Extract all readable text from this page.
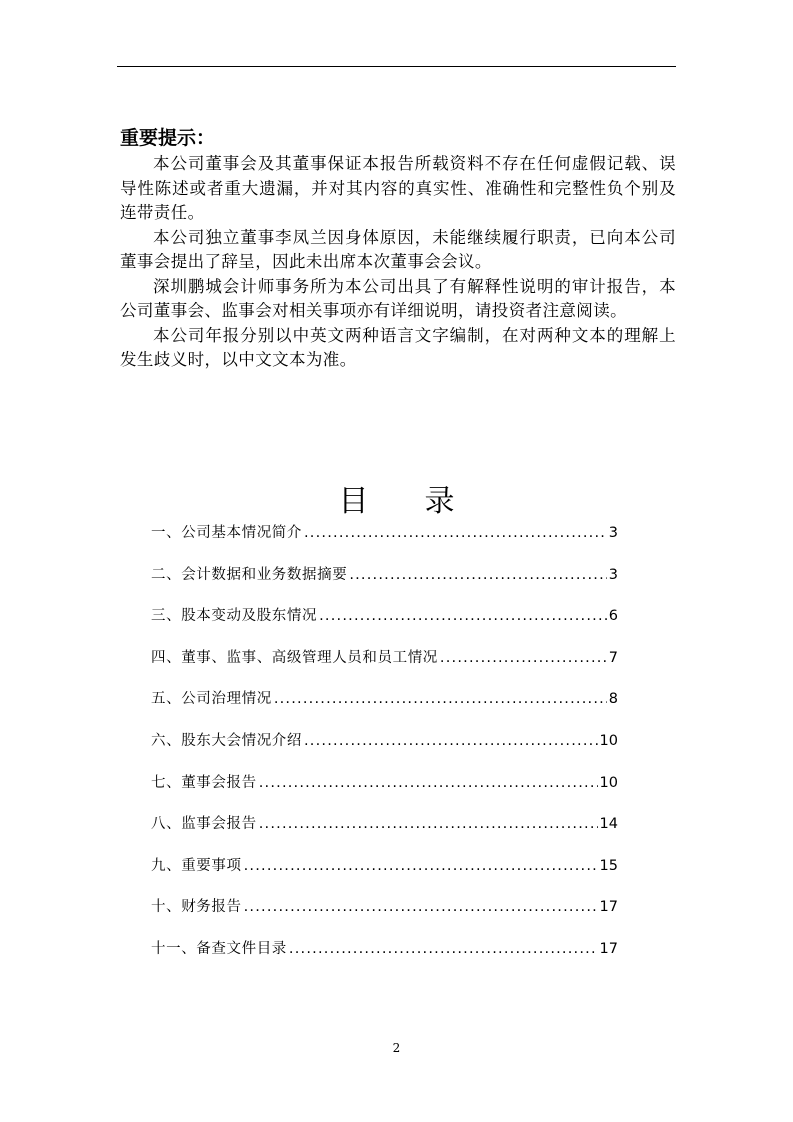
重要提示：

本公司董事会及其董事保证本报告所载资料不存在任何虚假记载、误导性陈述或者重大遗漏，并对其内容的真实性、准确性和完整性负个别及连带责任。

本公司独立董事李凤兰因身体原因，未能继续履行职责，已向本公司董事会提出了辞呈，因此未出席本次董事会会议。

深圳鹏城会计师事务所为本公司出具了有解释性说明的审计报告，本公司董事会、监事会对相关事项亦有详细说明，请投资者注意阅读。

本公司年报分别以中英文两种语言文字编制，在对两种文本的理解上发生歧义时，以中文文本为准。

目录
一、公司基本情况简介 .....	3
二、会计数据和业务数据摘要 .....	3
三、股本变动及股东情况 .....	6
四、董事、监事、高级管理人员和员工情况 .....	7
五、公司治理情况 .....	8
六、股东大会情况介绍 .....	10
七、董事会报告 .....	10
八、监事会报告 .....	14
九、重要事项 .....	15
十、财务报告 .....	17
十一、备查文件目录 .....	17
2
